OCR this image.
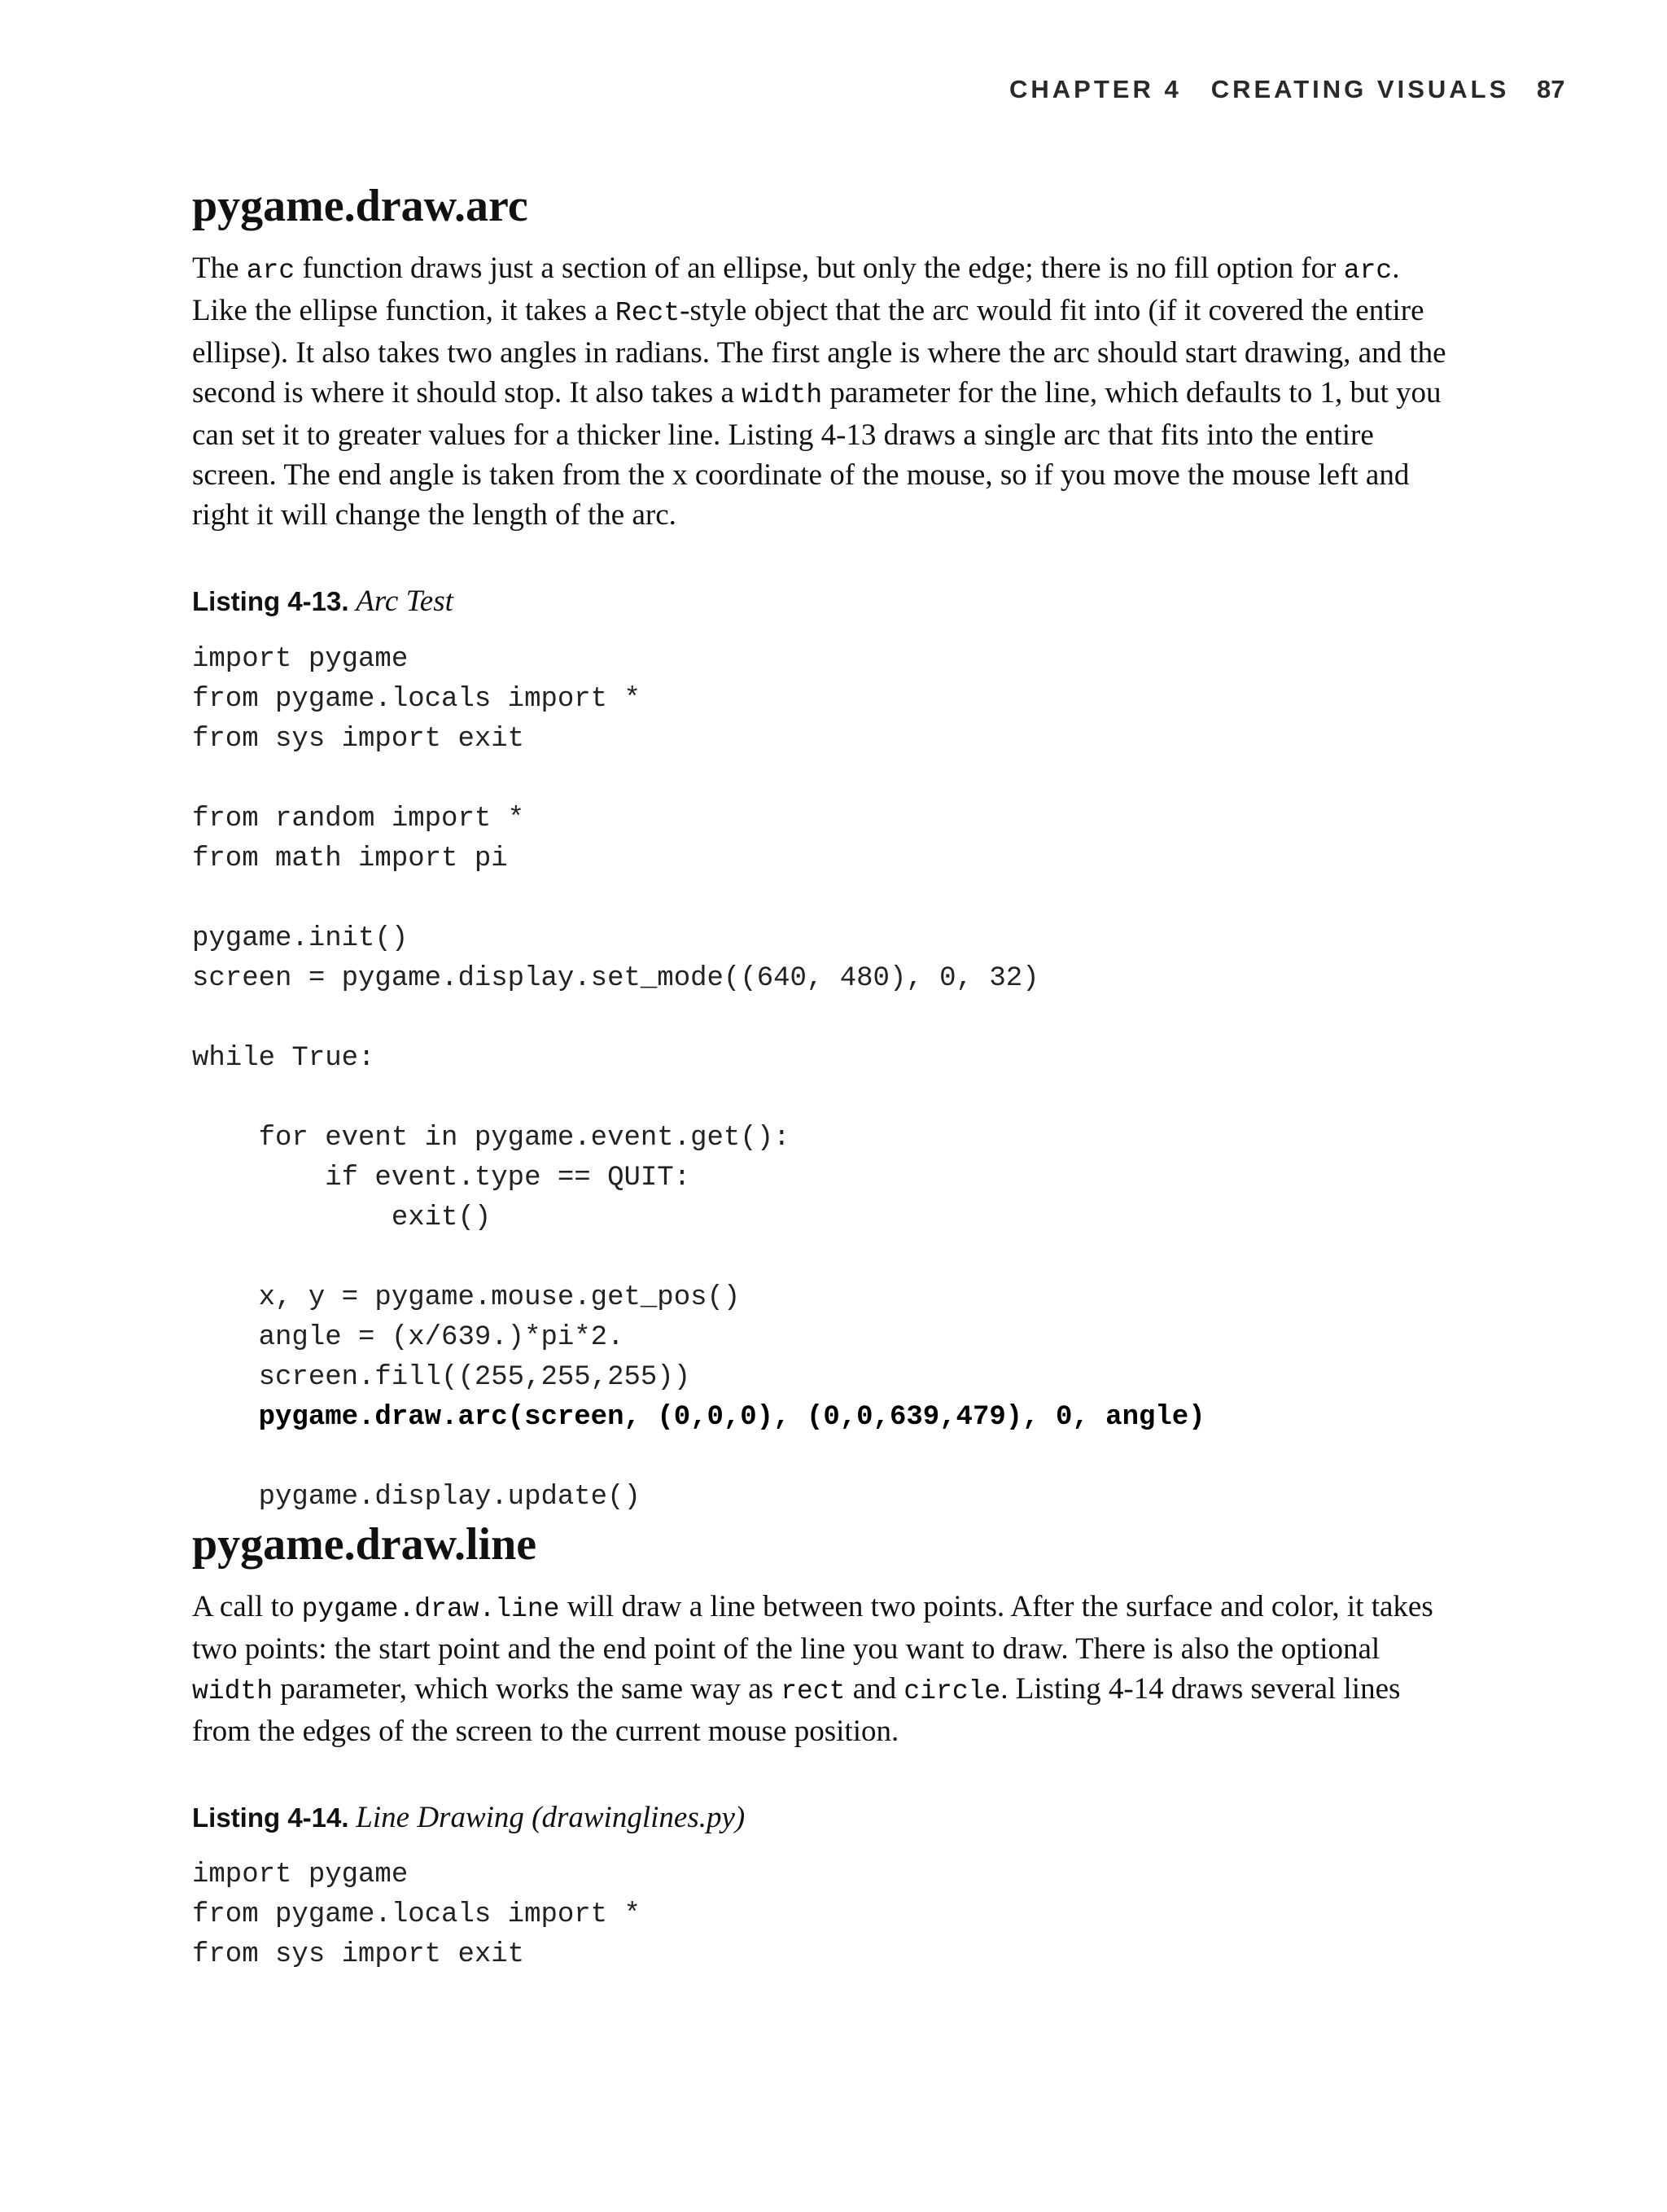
CHAPTER 4 CREATING VISUALS 87
pygame.draw.arc

The arc function draws just a section of an ellipse, but only the edge; there is no fill option for arc. Like the ellipse function, it takes a Rect-style object that the arc would fit into (if it covered the entire ellipse). It also takes two angles in radians. The first angle is where the arc should start drawing, and the second is where it should stop. It also takes a width parameter for the line, which defaults to 1, but you can set it to greater values for a thicker line. Listing 4-13 draws a single arc that fits into the entire screen. The end angle is taken from the x coordinate of the mouse, so if you move the mouse left and right it will change the length of the arc.

Listing 4-13. Arc Test
import pygame
from pygame.locals import *
from sys import exit

from random import *
from math import pi

pygame.init()
screen = pygame.display.set_mode((640, 480), 0, 32)

while True:

for event in pygame.event.get():
if event.type == QUIT:
exit()

x, y = pygame.mouse.get_pos()
angle = (x/639.)*pi*2.
screen.fill((255,255,255))
pygame.draw.arc(screen, (0,0,0), (0,0,639,479), 0, angle)

pygame.display.update()
pygame.draw.line

A call to pygame.draw.line will draw a line between two points. After the surface and color, it takes two points: the start point and the end point of the line you want to draw. There is also the optional width parameter, which works the same way as rect and circle. Listing 4-14 draws several lines from the edges of the screen to the current mouse position.

Listing 4-14. Line Drawing (drawinglines.py)
import pygame
from pygame.locals import *
from sys import exit
